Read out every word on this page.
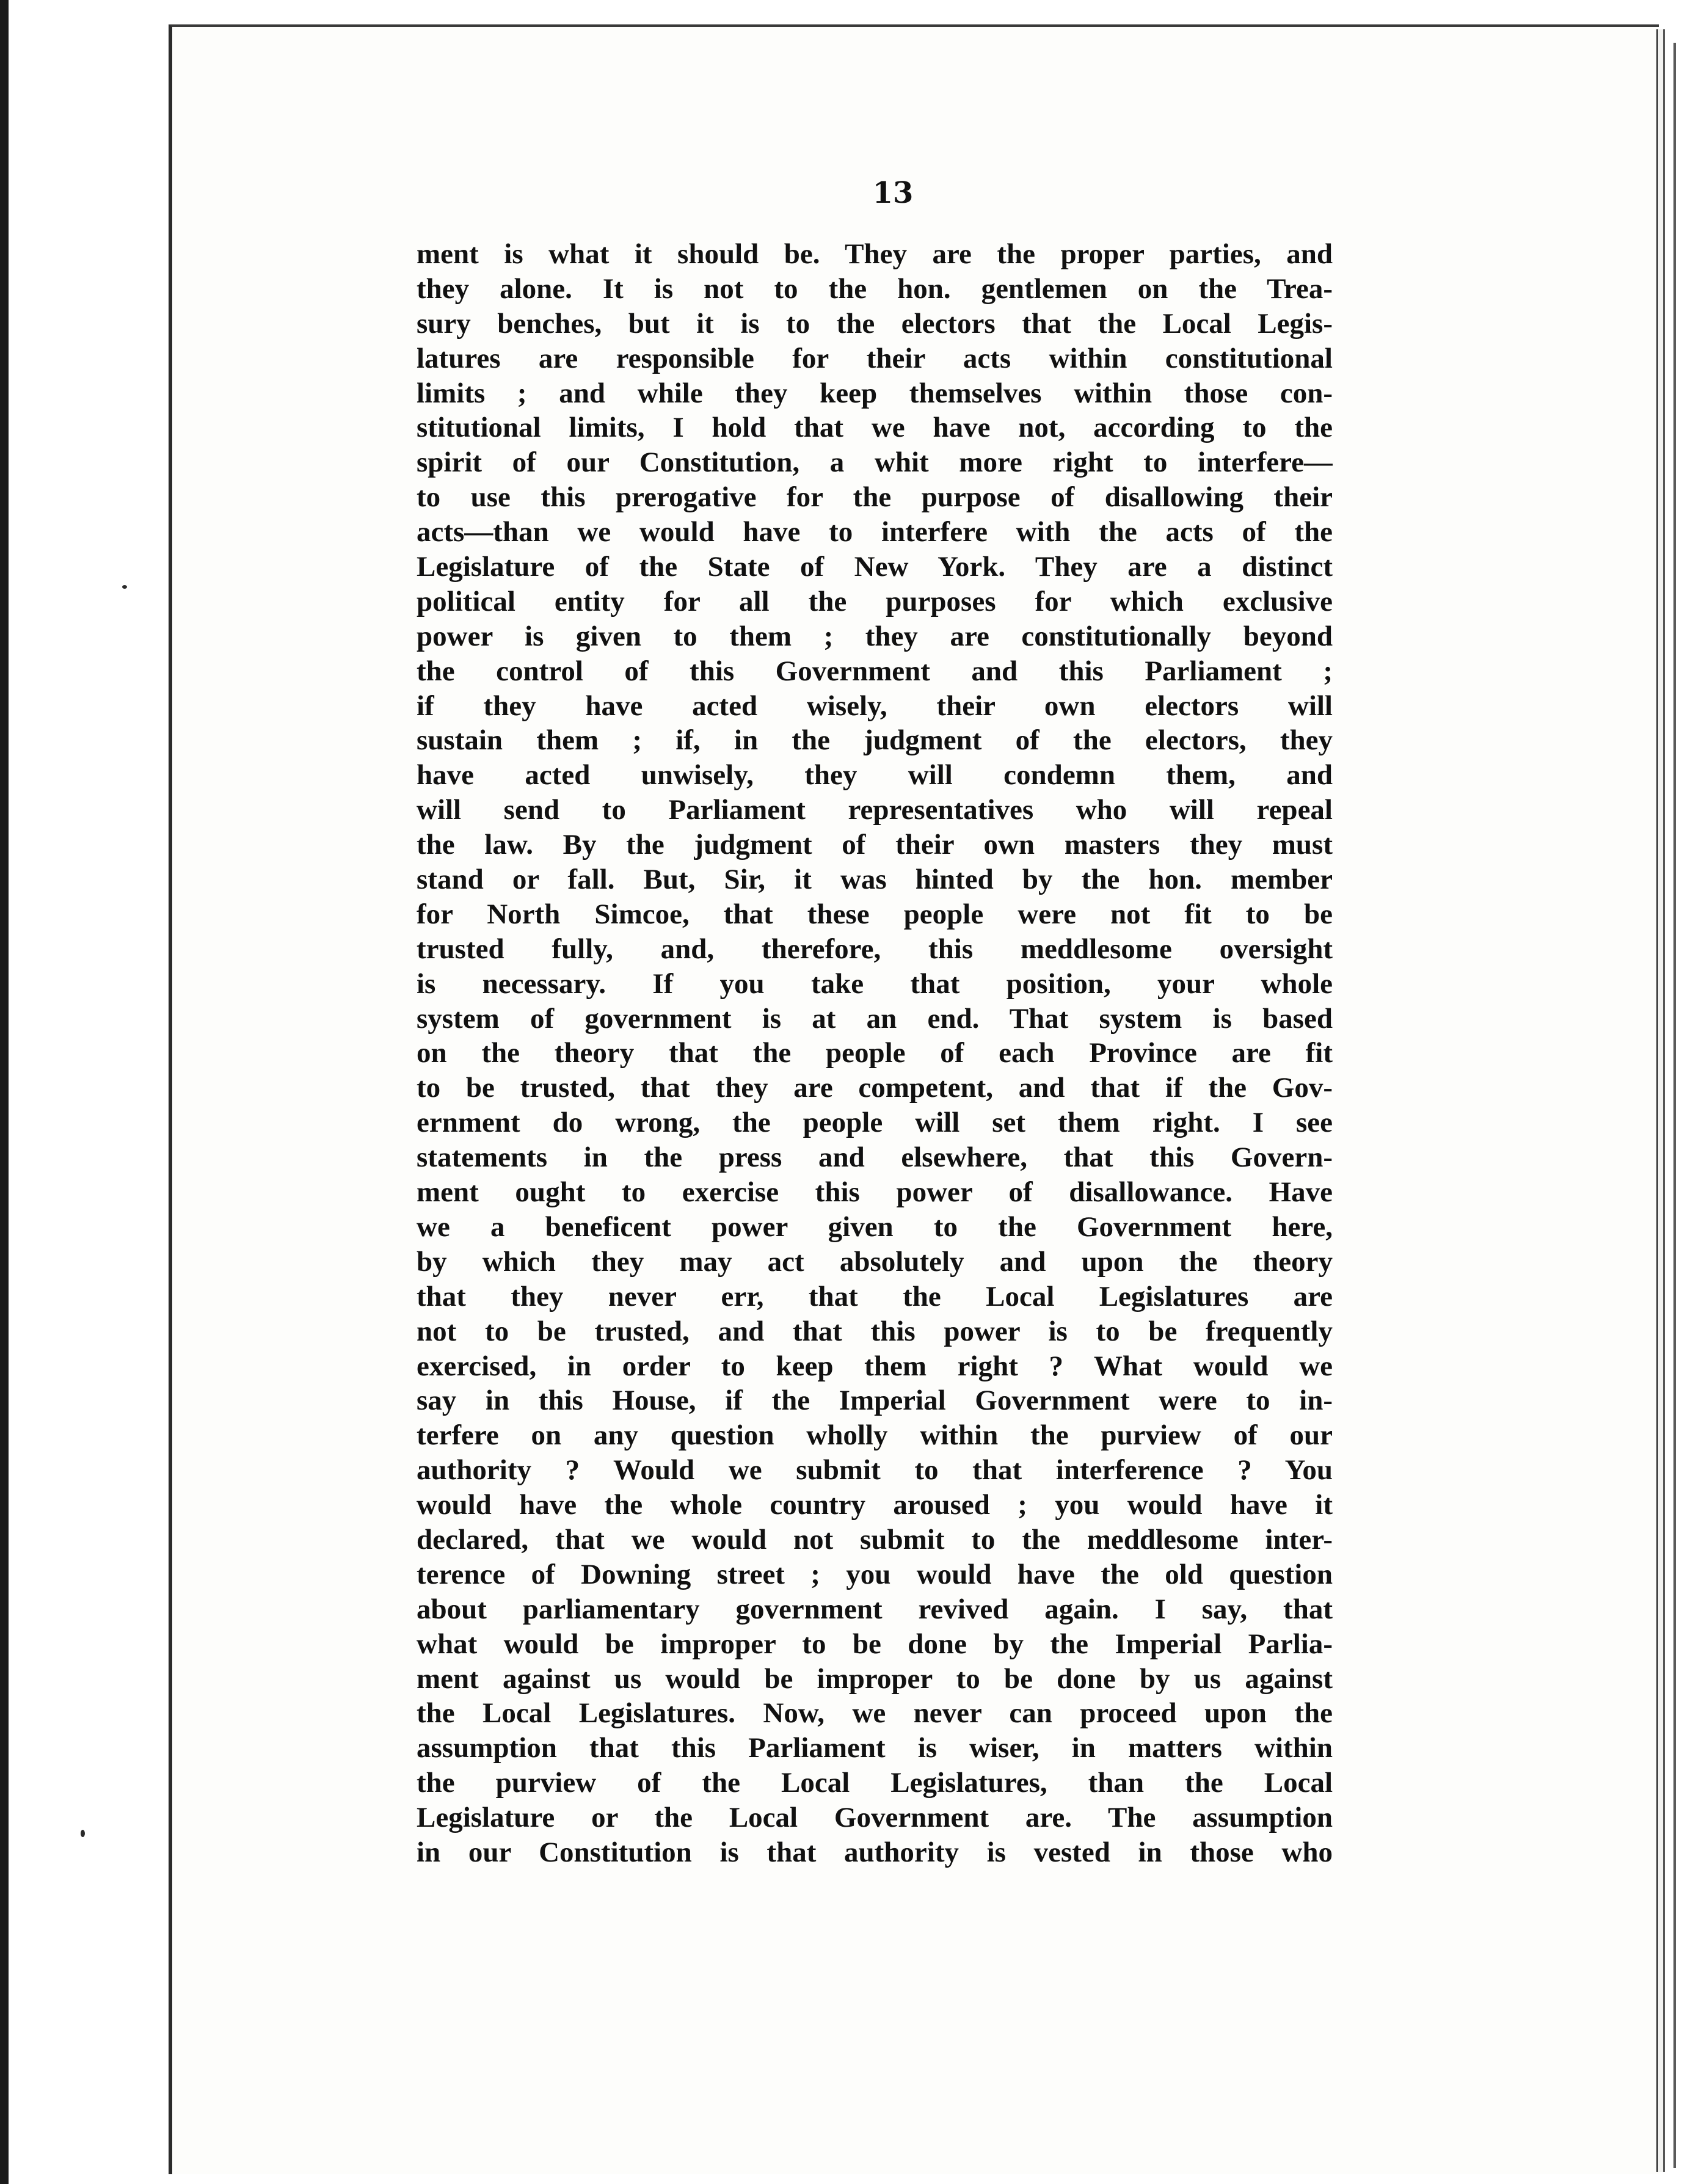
13
ment is what it should be. They are the proper parties, and
they alone. It is not to the hon. gentlemen on the Trea-
sury benches, but it is to the electors that the Local Legis-
latures are responsible for their acts within constitutional
limits ; and while they keep themselves within those con-
stitutional limits, I hold that we have not, according to the
spirit of our Constitution, a whit more right to interfere—
to use this prerogative for the purpose of disallowing their
acts—than we would have to interfere with the acts of the
Legislature of the State of New York. They are a distinct
political entity for all the purposes for which exclusive
power is given to them ; they are constitutionally beyond
the control of this Government and this Parliament ;
if they have acted wisely, their own electors will
sustain them ; if, in the judgment of the electors, they
have acted unwisely, they will condemn them, and
will send to Parliament representatives who will repeal
the law. By the judgment of their own masters they must
stand or fall. But, Sir, it was hinted by the hon. member
for North Simcoe, that these people were not fit to be
trusted fully, and, therefore, this meddlesome oversight
is necessary. If you take that position, your whole
system of government is at an end. That system is based
on the theory that the people of each Province are fit
to be trusted, that they are competent, and that if the Gov-
ernment do wrong, the people will set them right. I see
statements in the press and elsewhere, that this Govern-
ment ought to exercise this power of disallowance. Have
we a beneficent power given to the Government here,
by which they may act absolutely and upon the theory
that they never err, that the Local Legislatures are
not to be trusted, and that this power is to be frequently
exercised, in order to keep them right ? What would we
say in this House, if the Imperial Government were to in-
terfere on any question wholly within the purview of our
authority ? Would we submit to that interference ? You
would have the whole country aroused ; you would have it
declared, that we would not submit to the meddlesome inter-
terence of Downing street ; you would have the old question
about parliamentary government revived again. I say, that
what would be improper to be done by the Imperial Parlia-
ment against us would be improper to be done by us against
the Local Legislatures. Now, we never can proceed upon the
assumption that this Parliament is wiser, in matters within
the purview of the Local Legislatures, than the Local
Legislature or the Local Government are. The assumption
in our Constitution is that authority is vested in those who
